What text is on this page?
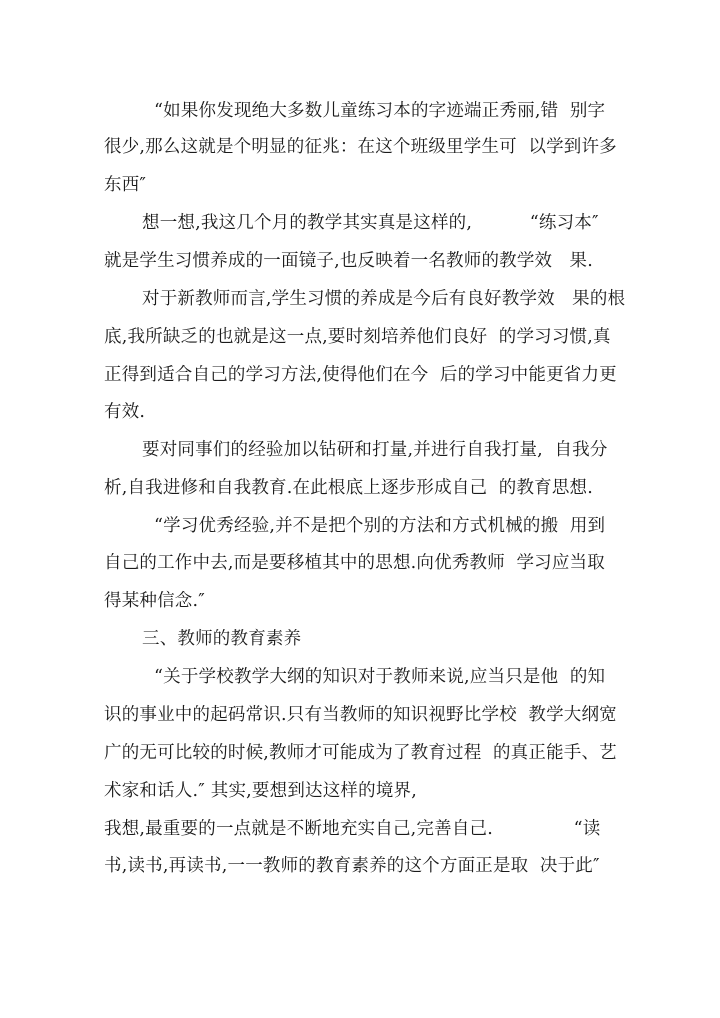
“如果你发现绝大多数儿童练习本的字迹端正秀丽,错  别字

很少,那么这就是个明显的征兆：在这个班级里学生可  以学到许多

东西″

想一想,我这几个月的教学其实真是这样的,          “练习本″

就是学生习惯养成的一面镜子,也反映着一名教师的教学效   果.

对于新教师而言,学生习惯的养成是今后有良好教学效   果的根

底,我所缺乏的也就是这一点,要时刻培养他们良好  的学习习惯,真

正得到适合自己的学习方法,使得他们在今  后的学习中能更省力更

有效.

要对同事们的经验加以钻研和打量,并进行自我打量,  自我分

析,自我进修和自我教育.在此根底上逐步形成自己  的教育思想.

“学习优秀经验,并不是把个别的方法和方式机械的搬  用到

自己的工作中去,而是要移植其中的思想.向优秀教师  学习应当取

得某种信念.″

三、教师的教育素养

“关于学校教学大纲的知识对于教师来说,应当只是他  的知

识的事业中的起码常识.只有当教师的知识视野比学校  教学大纲宽

广的无可比较的时候,教师才可能成为了教育过程  的真正能手、艺

术家和话人.″ 其实,要想到达这样的境界,

我想,最重要的一点就是不断地充实自己,完善自己.              “读

书,读书,再读书,一一教师的教育素养的这个方面正是取  决于此″
